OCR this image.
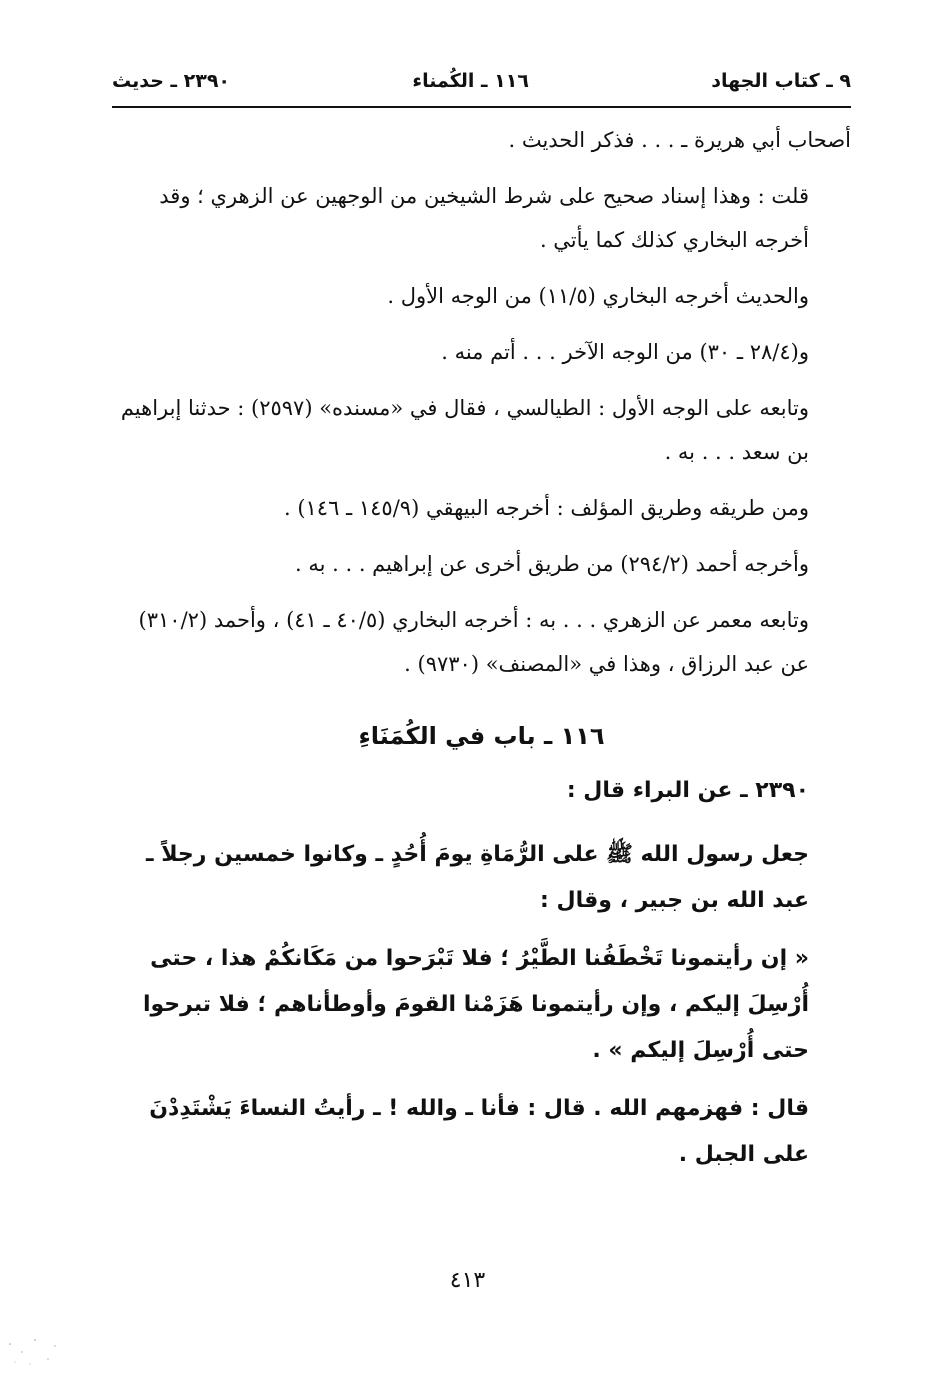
٩ ـ كتاب الجهاد
١١٦ ـ الكُمناء
٢٣٩٠ ـ حديث

أصحاب أبي هريرة ـ . . . فذكر الحديث .

قلت : وهذا إسناد صحيح على شرط الشيخين من الوجهين عن الزهري ؛ وقد أخرجه البخاري كذلك كما يأتي .

والحديث أخرجه البخاري (١١/٥) من الوجه الأول .

و(٢٨/٤ ـ ٣٠) من الوجه الآخر . . . أتم منه .

وتابعه على الوجه الأول : الطيالسي ، فقال في «مسنده» (٢٥٩٧) : حدثنا إبراهيم بن سعد . . . به .

ومن طريقه وطريق المؤلف : أخرجه البيهقي (١٤٥/٩ ـ ١٤٦) .

وأخرجه أحمد (٢٩٤/٢) من طريق أخرى عن إبراهيم . . . به .

وتابعه معمر عن الزهري . . . به : أخرجه البخاري (٤٠/٥ ـ ٤١) ، وأحمد (٣١٠/٢) عن عبد الرزاق ، وهذا في «المصنف» (٩٧٣٠) .

١١٦ ـ باب في الكُمَنَاءِ

٢٣٩٠ ـ عن البراء قال :

جعل رسول الله ﷺ على الرُّمَاةِ يومَ أُحُدٍ ـ وكانوا خمسين رجلاً ـ عبد الله بن جبير ، وقال :

« إن رأيتمونا تَخْطَفُنا الطَّيْرُ ؛ فلا تَبْرَحوا من مَكَانكُمْ هذا ، حتى أُرْسِلَ إليكم ، وإن رأيتمونا هَزَمْنا القومَ وأوطأناهم ؛ فلا تبرحوا حتى أُرْسِلَ إليكم » .

قال : فهزمهم الله . قال : فأنا ـ والله ! ـ رأيتُ النساءَ يَشْتَدِدْنَ على الجبل .

٤١٣
